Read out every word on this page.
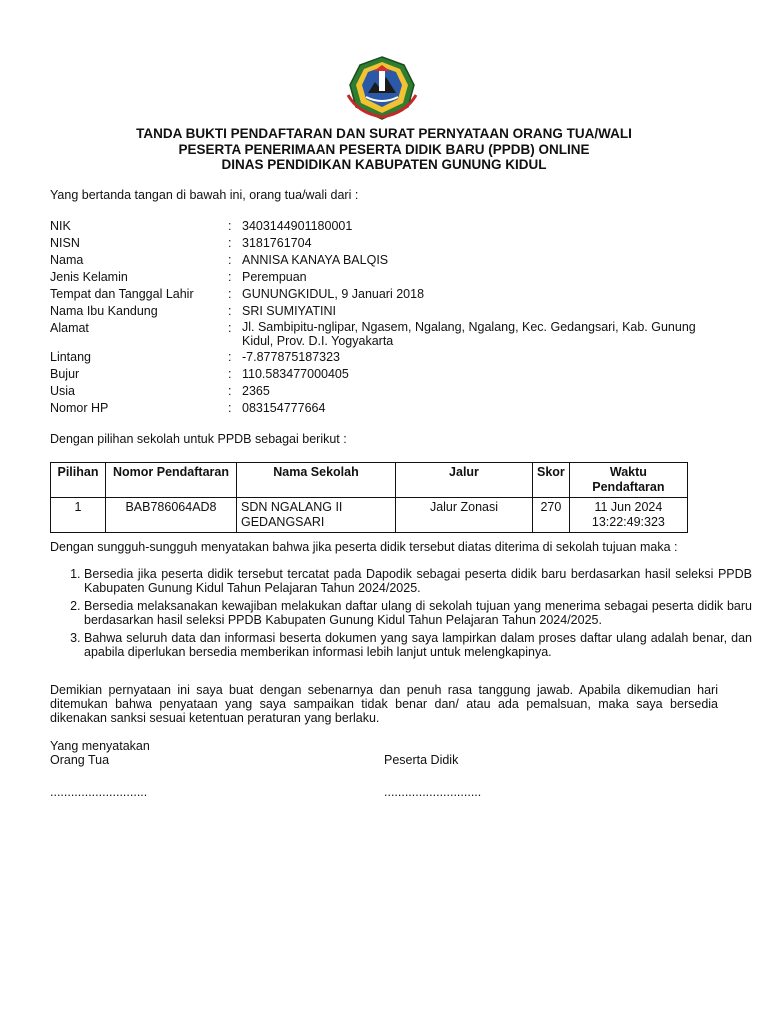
TANDA BUKTI PENDAFTARAN DAN SURAT PERNYATAAN ORANG TUA/WALI
PESERTA PENERIMAAN PESERTA DIDIK BARU (PPDB) ONLINE
DINAS PENDIDIKAN KABUPATEN GUNUNG KIDUL
Yang bertanda tangan di bawah ini, orang tua/wali dari :
NIK	: 3403144901180001
NISN	: 3181761704
Nama	: ANNISA KANAYA BALQIS
Jenis Kelamin	: Perempuan
Tempat dan Tanggal Lahir	: GUNUNGKIDUL, 9 Januari 2018
Nama Ibu Kandung	: SRI SUMIYATINI
Alamat	: Jl. Sambipitu-nglipar, Ngasem, Ngalang, Ngalang, Kec. Gedangsari, Kab. Gunung Kidul, Prov. D.I. Yogyakarta
Lintang	: -7.877875187323
Bujur	: 110.583477000405
Usia	: 2365
Nomor HP	: 083154777664
Dengan pilihan sekolah untuk PPDB sebagai berikut :
Pilihan	Nomor Pendaftaran	Nama Sekolah	Jalur	Skor	Waktu Pendaftaran
1	BAB786064AD8	SDN NGALANG II GEDANGSARI	Jalur Zonasi	270	11 Jun 2024 13:22:49:323
Dengan sungguh-sungguh menyatakan bahwa jika peserta didik tersebut diatas diterima di sekolah tujuan maka :
1. Bersedia jika peserta didik tersebut tercatat pada Dapodik sebagai peserta didik baru berdasarkan hasil seleksi PPDB Kabupaten Gunung Kidul Tahun Pelajaran Tahun 2024/2025.
2. Bersedia melaksanakan kewajiban melakukan daftar ulang di sekolah tujuan yang menerima sebagai peserta didik baru berdasarkan hasil seleksi PPDB Kabupaten Gunung Kidul Tahun Pelajaran Tahun 2024/2025.
3. Bahwa seluruh data dan informasi beserta dokumen yang saya lampirkan dalam proses daftar ulang adalah benar, dan apabila diperlukan bersedia memberikan informasi lebih lanjut untuk melengkapinya.
Demikian pernyataan ini saya buat dengan sebenarnya dan penuh rasa tanggung jawab. Apabila dikemudian hari ditemukan bahwa penyataan yang saya sampaikan tidak benar dan/ atau ada pemalsuan, maka saya bersedia dikenakan sanksi sesuai ketentuan peraturan yang berlaku.
Yang menyatakan
Orang Tua	Peserta Didik
............................	............................
